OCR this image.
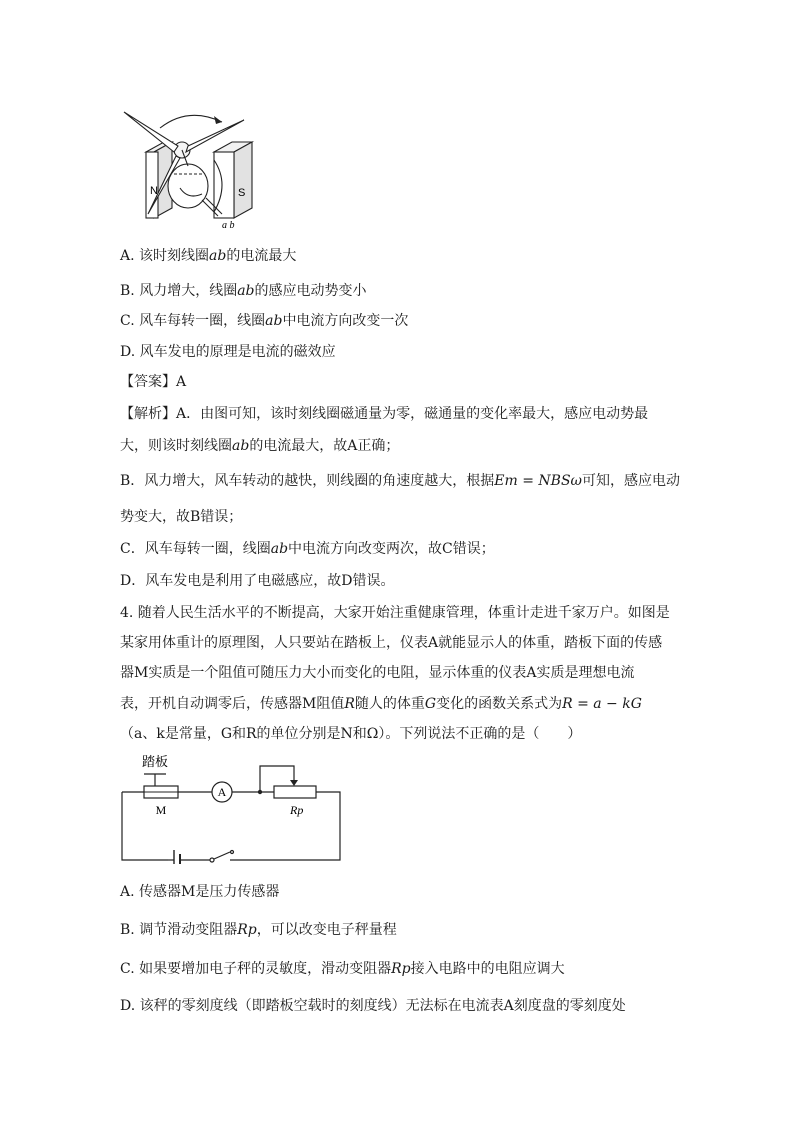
N	S
a b
A. 该时刻线圈ab的电流最大
B. 风力增大，线圈ab的感应电动势变小
C. 风车每转一圈，线圈ab中电流方向改变一次
D. 风车发电的原理是电流的磁效应
【答案】A
【解析】A．由图可知，该时刻线圈磁通量为零，磁通量的变化率最大，感应电动势最
大，则该时刻线圈ab的电流最大，故A正确；
B．风力增大，风车转动的越快，则线圈的角速度越大，根据Em = NBSω可知，感应电动
势变大，故B错误；
C．风车每转一圈，线圈ab中电流方向改变两次，故C错误；
D．风车发电是利用了电磁感应，故D错误。
4. 随着人民生活水平的不断提高，大家开始注重健康管理，体重计走进千家万户。如图是
某家用体重计的原理图，人只要站在踏板上，仪表A就能显示人的体重，踏板下面的传感
器M实质是一个阻值可随压力大小而变化的电阻，显示体重的仪表A实质是理想电流
表，开机自动调零后，传感器M阻值R随人的体重G变化的函数关系式为R = a − kG
（a、k是常量，G和R的单位分别是N和Ω）。下列说法不正确的是（　　）
踏板
M
A
Rp
A. 传感器M是压力传感器
B. 调节滑动变阻器Rp，可以改变电子秤量程
C. 如果要增加电子秤的灵敏度，滑动变阻器Rp接入电路中的电阻应调大
D. 该秤的零刻度线（即踏板空载时的刻度线）无法标在电流表A刻度盘的零刻度处
